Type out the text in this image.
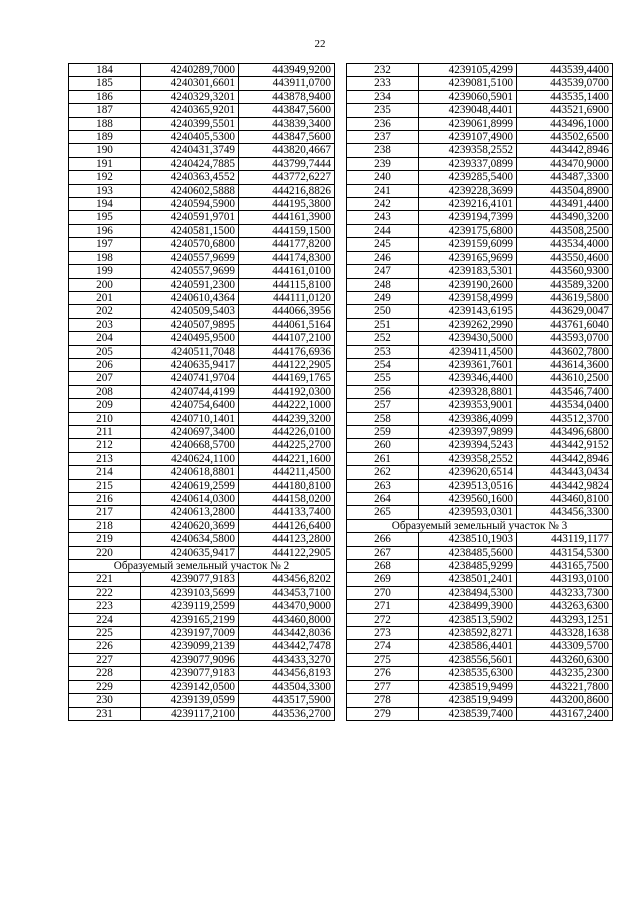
22
184	4240289,7000	443949,9200
185	4240301,6601	443911,0700
186	4240329,3201	443878,9400
187	4240365,9201	443847,5600
188	4240399,5501	443839,3400
189	4240405,5300	443847,5600
190	4240431,3749	443820,4667
191	4240424,7885	443799,7444
192	4240363,4552	443772,6227
193	4240602,5888	444216,8826
194	4240594,5900	444195,3800
195	4240591,9701	444161,3900
196	4240581,1500	444159,1500
197	4240570,6800	444177,8200
198	4240557,9699	444174,8300
199	4240557,9699	444161,0100
200	4240591,2300	444115,8100
201	4240610,4364	444111,0120
202	4240509,5403	444066,3956
203	4240507,9895	444061,5164
204	4240495,9500	444107,2100
205	4240511,7048	444176,6936
206	4240635,9417	444122,2905
207	4240741,9704	444169,1765
208	4240744,4199	444192,0300
209	4240754,6400	444222,1000
210	4240710,1401	444239,3200
211	4240697,3400	444226,0100
212	4240668,5700	444225,2700
213	4240624,1100	444221,1600
214	4240618,8801	444211,4500
215	4240619,2599	444180,8100
216	4240614,0300	444158,0200
217	4240613,2800	444133,7400
218	4240620,3699	444126,6400
219	4240634,5800	444123,2800
220	4240635,9417	444122,2905
Образуемый земельный участок № 2		
221	4239077,9183	443456,8202
222	4239103,5699	443453,7100
223	4239119,2599	443470,9000
224	4239165,2199	443460,8000
225	4239197,7009	443442,8036
226	4239099,2139	443442,7478
227	4239077,9096	443433,3270
228	4239077,9183	443456,8193
229	4239142,0500	443504,3300
230	4239139,0599	443517,5900
231	4239117,2100	443536,2700
232	4239105,4299	443539,4400
233	4239081,5100	443539,0700
234	4239060,5901	443535,1400
235	4239048,4401	443521,6900
236	4239061,8999	443496,1000
237	4239107,4900	443502,6500
238	4239358,2552	443442,8946
239	4239337,0899	443470,9000
240	4239285,5400	443487,3300
241	4239228,3699	443504,8900
242	4239216,4101	443491,4400
243	4239194,7399	443490,3200
244	4239175,6800	443508,2500
245	4239159,6099	443534,4000
246	4239165,9699	443550,4600
247	4239183,5301	443560,9300
248	4239190,2600	443589,3200
249	4239158,4999	443619,5800
250	4239143,6195	443629,0047
251	4239262,2990	443761,6040
252	4239430,5000	443593,0700
253	4239411,4500	443602,7800
254	4239361,7601	443614,3600
255	4239346,4400	443610,2500
256	4239328,8801	443546,7400
257	4239353,9001	443534,0400
258	4239386,4099	443512,3700
259	4239397,9899	443496,6800
260	4239394,5243	443442,9152
261	4239358,2552	443442,8946
262	4239620,6514	443443,0434
263	4239513,0516	443442,9824
264	4239560,1600	443460,8100
265	4239593,0301	443456,3300
Образуемый земельный участок № 3		
266	4238510,1903	443119,1177
267	4238485,5600	443154,5300
268	4238485,9299	443165,7500
269	4238501,2401	443193,0100
270	4238494,5300	443233,7300
271	4238499,3900	443263,6300
272	4238513,5902	443293,1251
273	4238592,8271	443328,1638
274	4238586,4401	443309,5700
275	4238556,5601	443260,6300
276	4238535,6300	443235,2300
277	4238519,9499	443221,7800
278	4238519,9499	443200,8600
279	4238539,7400	443167,2400
